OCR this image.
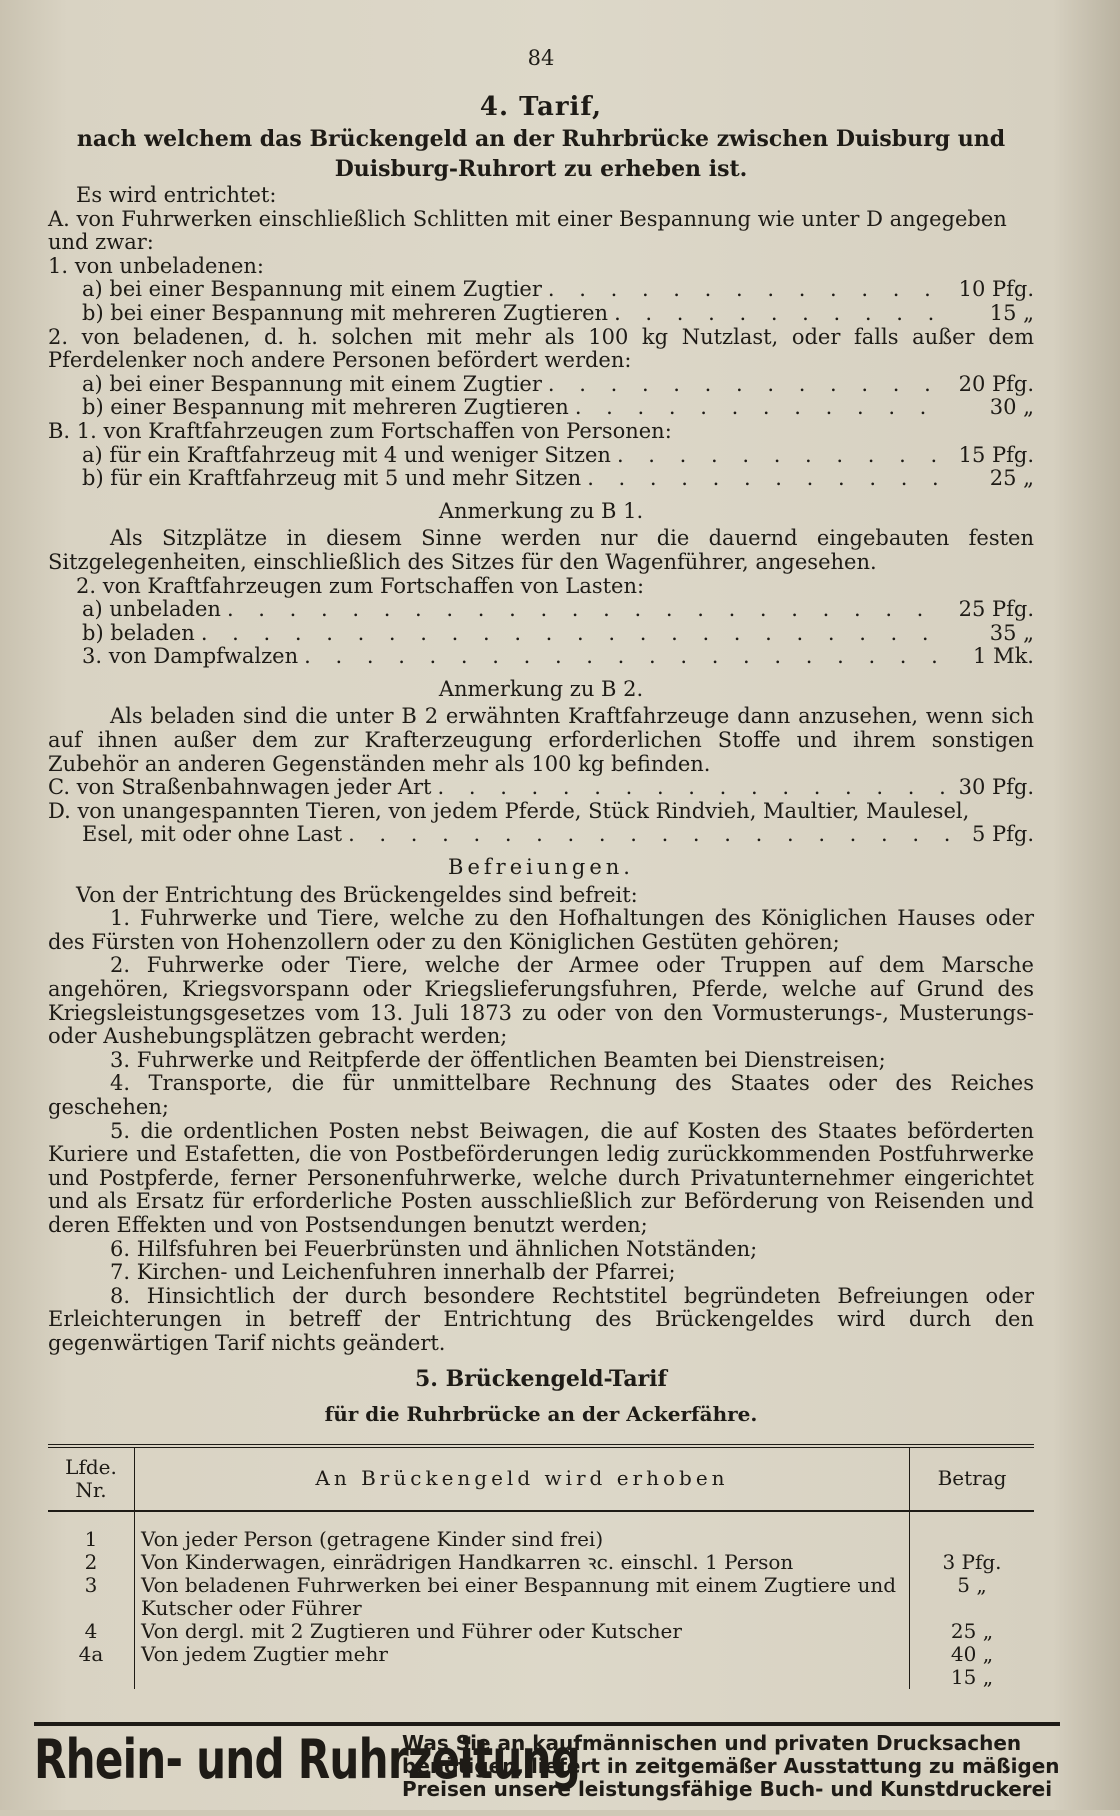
84
4. Tarif,
nach welchem das Brückengeld an der Ruhrbrücke zwischen Duisburg und Duisburg-Ruhrort zu erheben ist.

Es wird entrichtet:

A. von Fuhrwerken einschließlich Schlitten mit einer Bespannung wie unter D angegeben und zwar:

1. von unbeladenen:

a) bei einer Bespannung mit einem Zugtier . . .	10 Pfg.
b) bei einer Bespannung mit mehreren Zugtieren . . .	15 „

2. von beladenen, d. h. solchen mit mehr als 100 kg Nutzlast, oder falls außer dem Pferdelenker noch andere Personen befördert werden:

a) bei einer Bespannung mit einem Zugtier . . .	20 Pfg.
b) einer Bespannung mit mehreren Zugtieren . . .	30 „

B. 1. von Kraftfahrzeugen zum Fortschaffen von Personen:

a) für ein Kraftfahrzeug mit 4 und weniger Sitzen . . .	15 Pfg.
b) für ein Kraftfahrzeug mit 5 und mehr Sitzen . . .	25 „
Anmerkung zu B 1.

Als Sitzplätze in diesem Sinne werden nur die dauernd eingebauten festen Sitzgelegenheiten, einschließlich des Sitzes für den Wagenführer, angesehen.

2. von Kraftfahrzeugen zum Fortschaffen von Lasten:

a) unbeladen . . .	25 Pfg.
b) beladen . . .	35 „
3. von Dampfwalzen . . .	1 Mk.
Anmerkung zu B 2.

Als beladen sind die unter B 2 erwähnten Kraftfahrzeuge dann anzusehen, wenn sich auf ihnen außer dem zur Krafterzeugung erforderlichen Stoffe und ihrem sonstigen Zubehör an anderen Gegenständen mehr als 100 kg befinden.

C. von Straßenbahnwagen jeder Art . . .	30 Pfg.

D. von unangespannten Tieren, von jedem Pferde, Stück Rindvieh, Maultier, Maulesel,

Esel, mit oder ohne Last . . .	5 Pfg.
Befreiungen.

Von der Entrichtung des Brückengeldes sind befreit:

1. Fuhrwerke und Tiere, welche zu den Hofhaltungen des Königlichen Hauses oder des Fürsten von Hohenzollern oder zu den Königlichen Gestüten gehören;

2. Fuhrwerke oder Tiere, welche der Armee oder Truppen auf dem Marsche angehören, Kriegsvorspann oder Kriegslieferungsfuhren, Pferde, welche auf Grund des Kriegsleistungsgesetzes vom 13. Juli 1873 zu oder von den Vormusterungs-, Musterungs- oder Aushebungsplätzen gebracht werden;

3. Fuhrwerke und Reitpferde der öffentlichen Beamten bei Dienstreisen;

4. Transporte, die für unmittelbare Rechnung des Staates oder des Reiches geschehen;

5. die ordentlichen Posten nebst Beiwagen, die auf Kosten des Staates beförderten Kuriere und Estafetten, die von Postbeförderungen ledig zurückkommenden Postfuhrwerke und Postpferde, ferner Personenfuhrwerke, welche durch Privatunternehmer eingerichtet und als Ersatz für erforderliche Posten ausschließlich zur Beförderung von Reisenden und deren Effekten und von Postsendungen benutzt werden;

6. Hilfsfuhren bei Feuerbrünsten und ähnlichen Notständen;

7. Kirchen- und Leichenfuhren innerhalb der Pfarrei;

8. Hinsichtlich der durch besondere Rechtstitel begründeten Befreiungen oder Erleichterungen in betreff der Entrichtung des Brückengeldes wird durch den gegenwärtigen Tarif nichts geändert.

5. Brückengeld-Tarif
für die Ruhrbrücke an der Ackerfähre.
Lfde. Nr.	An Brückengeld wird erhoben	Betrag
1	Von jeder Person (getragene Kinder sind frei)	
2	Von Kinderwagen, einrädrigen Handkarren ꝛc. einschl. 1 Person	3 Pfg.
3	Von beladenen Fuhrwerken bei einer Bespannung mit einem Zugtiere und Kutscher oder Führer	5 „
4	Von dergl. mit 2 Zugtieren und Führer oder Kutscher	25 „
4a	Von jedem Zugtier mehr	40 „
		15 „
Rhein- und Ruhrzeitung
Was Sie an kaufmännischen und privaten Drucksachen benötigen, liefert in zeitgemäßer Ausstattung zu mäßigen Preisen unsere leistungsfähige Buch- und Kunstdruckerei
